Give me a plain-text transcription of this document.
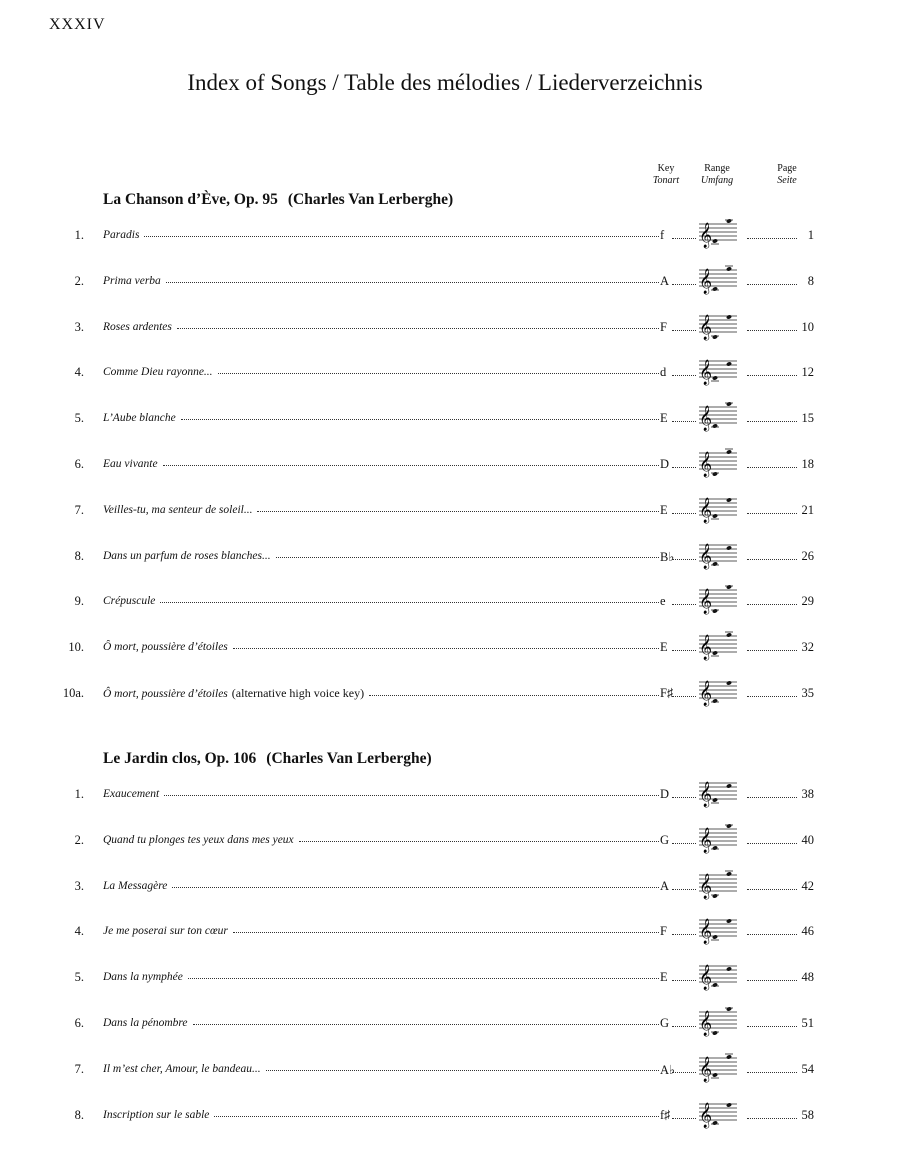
XXXIV
Index of Songs / Table des mélodies / Liederverzeichnis
Key
Tonart
Range
Umfang
Page
Seite
La Chanson d’Ève, Op. 95 (Charles Van Lerberghe)
1. Paradis	f	𝄞	1
2. Prima verba	A 𝄞	8
3. Roses ardentes	F	𝄞	10
4. Comme Dieu rayonne...	d	𝄞	12
5. L’Aube blanche	E 𝄞	15
6. Eau vivante	D 𝄞	18
7. Veilles-tu, ma senteur de soleil...	E 𝄞	21
8. Dans un parfum de roses blanches...	B♭ 𝄞	26
9. Crépuscule	e	𝄞	29
10. Ô mort, poussière d’étoiles	E 𝄞	32
10a. Ô mort, poussière d’étoiles (alternative high voice key)	F♯ 𝄞	35
Le Jardin clos, Op. 106 (Charles Van Lerberghe)
1. Exaucement	D 𝄞	38
2. Quand tu plonges tes yeux dans mes yeux	G 𝄞	40
3. La Messagère	A 𝄞	42
4. Je me poserai sur ton cœur	F	𝄞	46
5. Dans la nymphée	E 𝄞	48
6. Dans la pénombre	G 𝄞	51
7. Il m’est cher, Amour, le bandeau...	A♭ 𝄞	54
8. Inscription sur le sable	f♯ 𝄞	58
